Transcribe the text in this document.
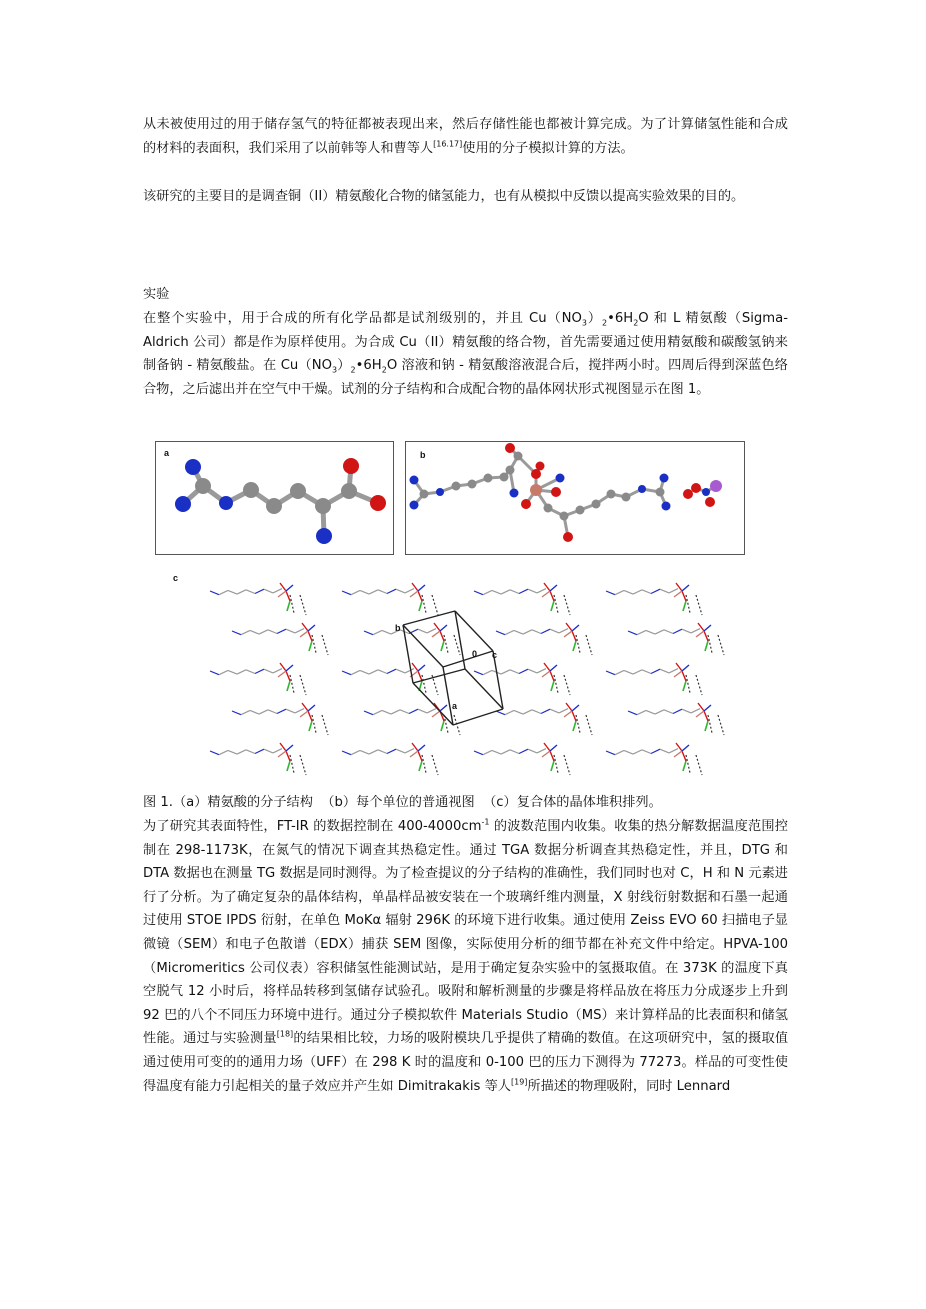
从未被使用过的用于储存氢气的特征都被表现出来，然后存储性能也都被计算完成。为了计算储氢性能和合成的材料的表面积，我们采用了以前韩等人和曹等人[16.17]使用的分子模拟计算的方法。

该研究的主要目的是调查铜（II）精氨酸化合物的储氢能力，也有从模拟中反馈以提高实验效果的目的。

实验

在整个实验中，用于合成的所有化学品都是试剂级别的，并且 $Cu(NO_3)_2•6H_2O$ 和 L 精氨酸（Sigma-Aldrich 公司）都是作为原样使用。为合成 Cu（II）精氨酸的络合物，首先需要通过使用精氨酸和碳酸氢钠来制备钠 - 精氨酸盐。在 $Cu(NO_3)_2•6H_2O$ 溶液和钠 - 精氨酸溶液混合后，搅拌两小时。四周后得到深蓝色络合物，之后滤出并在空气中干燥。试剂的分子结构和合成配合物的晶体网状形式视图显示在图 1。

a	b
c
b
c
0
a

图 1.（a）精氨酸的分子结构  （b）每个单位的普通视图  （c）复合体的晶体堆积排列。

为了研究其表面特性，FT-IR 的数据控制在 $400-4000cm^{-1}$ 的波数范围内收集。收集的热分解数据温度范围控制在 298-1173K，在氮气的情况下调查其热稳定性。通过 TGA 数据分析调查其热稳定性，并且，DTG 和 DTA 数据也在测量 TG 数据是同时测得。为了检查提议的分子结构的准确性，我们同时也对 C，H 和 N 元素进行了分析。为了确定复杂的晶体结构，单晶样品被安装在一个玻璃纤维内测量，X 射线衍射数据和石墨一起通过使用 STOE IPDS 衍射，在单色 MoKα 辐射 296K 的环境下进行收集。通过使用 Zeiss EVO 60 扫描电子显微镜（SEM）和电子色散谱（EDX）捕获 SEM 图像，实际使用分析的细节都在补充文件中给定。HPVA-100（Micromeritics 公司仪表）容积储氢性能测试站，是用于确定复杂实验中的氢摄取值。在 373K 的温度下真空脱气 12 小时后，将样品转移到氢储存试验孔。吸附和解析测量的步骤是将样品放在将压力分成逐步上升到 92 巴的八个不同压力环境中进行。通过分子模拟软件 Materials Studio（MS）来计算样品的比表面积和储氢性能。通过与实验测量[18]的结果相比较，力场的吸附模块几乎提供了精确的数值。在这项研究中，氢的摄取值通过使用可变的的通用力场（UFF）在 298 K 时的温度和 0-100 巴的压力下测得为 77273。样品的可变性使得温度有能力引起相关的量子效应并产生如 Dimitrakakis 等人[19]所描述的物理吸附，同时 Lennard
